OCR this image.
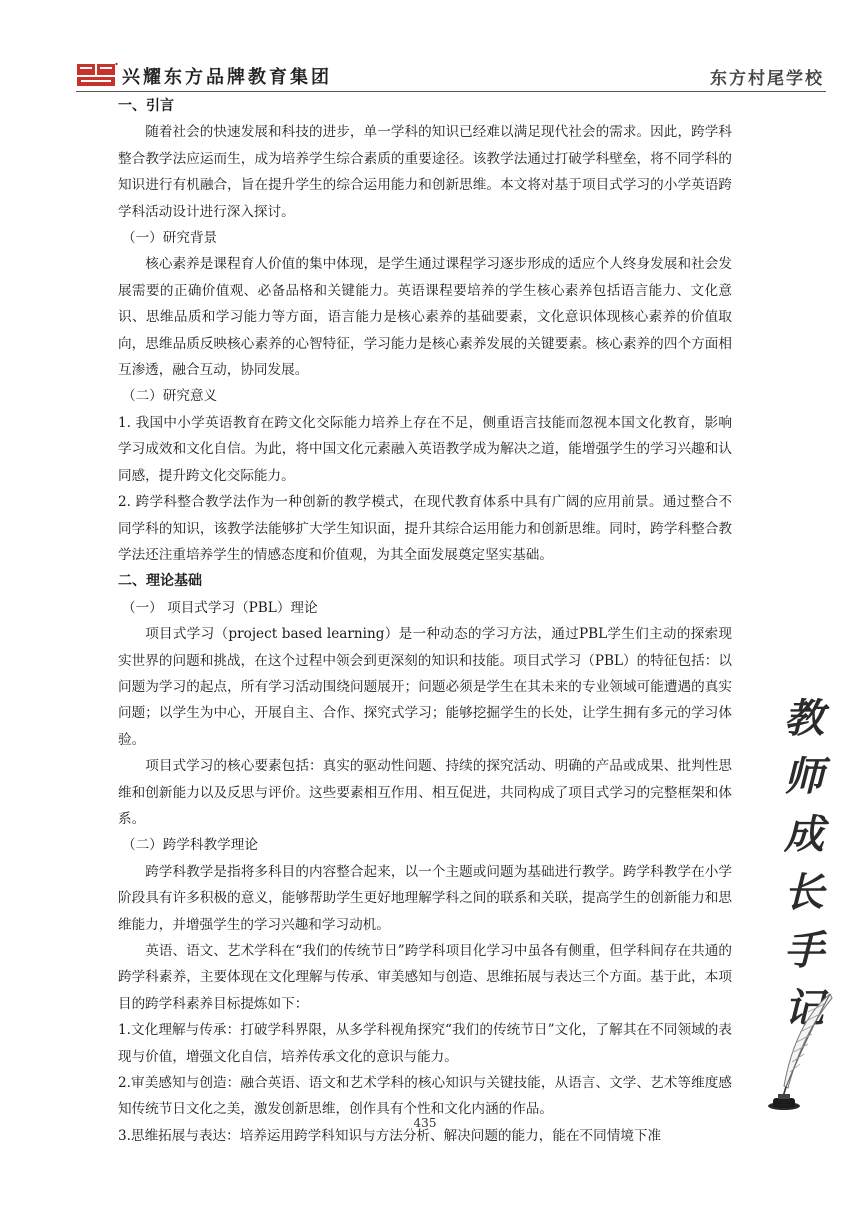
兴耀东方品牌教育集团	东方村尾学校

一、引言

随着社会的快速发展和科技的进步，单一学科的知识已经难以满足现代社会的需求。因此，跨学科整合教学法应运而生，成为培养学生综合素质的重要途径。该教学法通过打破学科壁垒，将不同学科的知识进行有机融合，旨在提升学生的综合运用能力和创新思维。本文将对基于项目式学习的小学英语跨学科活动设计进行深入探讨。

（一）研究背景

核心素养是课程育人价值的集中体现，是学生通过课程学习逐步形成的适应个人终身发展和社会发展需要的正确价值观、必备品格和关键能力。英语课程要培养的学生核心素养包括语言能力、文化意识、思维品质和学习能力等方面，语言能力是核心素养的基础要素，文化意识体现核心素养的价值取向，思维品质反映核心素养的心智特征，学习能力是核心素养发展的关键要素。核心素养的四个方面相互渗透，融合互动，协同发展。

（二）研究意义

1. 我国中小学英语教育在跨文化交际能力培养上存在不足，侧重语言技能而忽视本国文化教育，影响学习成效和文化自信。为此，将中国文化元素融入英语教学成为解决之道，能增强学生的学习兴趣和认同感，提升跨文化交际能力。

2. 跨学科整合教学法作为一种创新的教学模式，在现代教育体系中具有广阔的应用前景。通过整合不同学科的知识，该教学法能够扩大学生知识面，提升其综合运用能力和创新思维。同时，跨学科整合教学法还注重培养学生的情感态度和价值观，为其全面发展奠定坚实基础。

二、理论基础

（一） 项目式学习（PBL）理论

项目式学习（project based learning）是一种动态的学习方法，通过PBL学生们主动的探索现实世界的问题和挑战，在这个过程中领会到更深刻的知识和技能。项目式学习（PBL）的特征包括：以问题为学习的起点，所有学习活动围绕问题展开；问题必须是学生在其未来的专业领域可能遭遇的真实问题；以学生为中心，开展自主、合作、探究式学习；能够挖掘学生的长处，让学生拥有多元的学习体验。

项目式学习的核心要素包括：真实的驱动性问题、持续的探究活动、明确的产品或成果、批判性思维和创新能力以及反思与评价。这些要素相互作用、相互促进，共同构成了项目式学习的完整框架和体系。

（二）跨学科教学理论

跨学科教学是指将多科目的内容整合起来，以一个主题或问题为基础进行教学。跨学科教学在小学阶段具有许多积极的意义，能够帮助学生更好地理解学科之间的联系和关联，提高学生的创新能力和思维能力，并增强学生的学习兴趣和学习动机。

英语、语文、艺术学科在“我们的传统节日”跨学科项目化学习中虽各有侧重，但学科间存在共通的跨学科素养，主要体现在文化理解与传承、审美感知与创造、思维拓展与表达三个方面。基于此，本项目的跨学科素养目标提炼如下：

1.文化理解与传承：打破学科界限，从多学科视角探究“我们的传统节日”文化，了解其在不同领域的表现与价值，增强文化自信，培养传承文化的意识与能力。

2.审美感知与创造：融合英语、语文和艺术学科的核心知识与关键技能，从语言、文学、艺术等维度感知传统节日文化之美，激发创新思维，创作具有个性和文化内涵的作品。

3.思维拓展与表达：培养运用跨学科知识与方法分析、解决问题的能力，能在不同情境下准

435
教
师
成
长
手
记
